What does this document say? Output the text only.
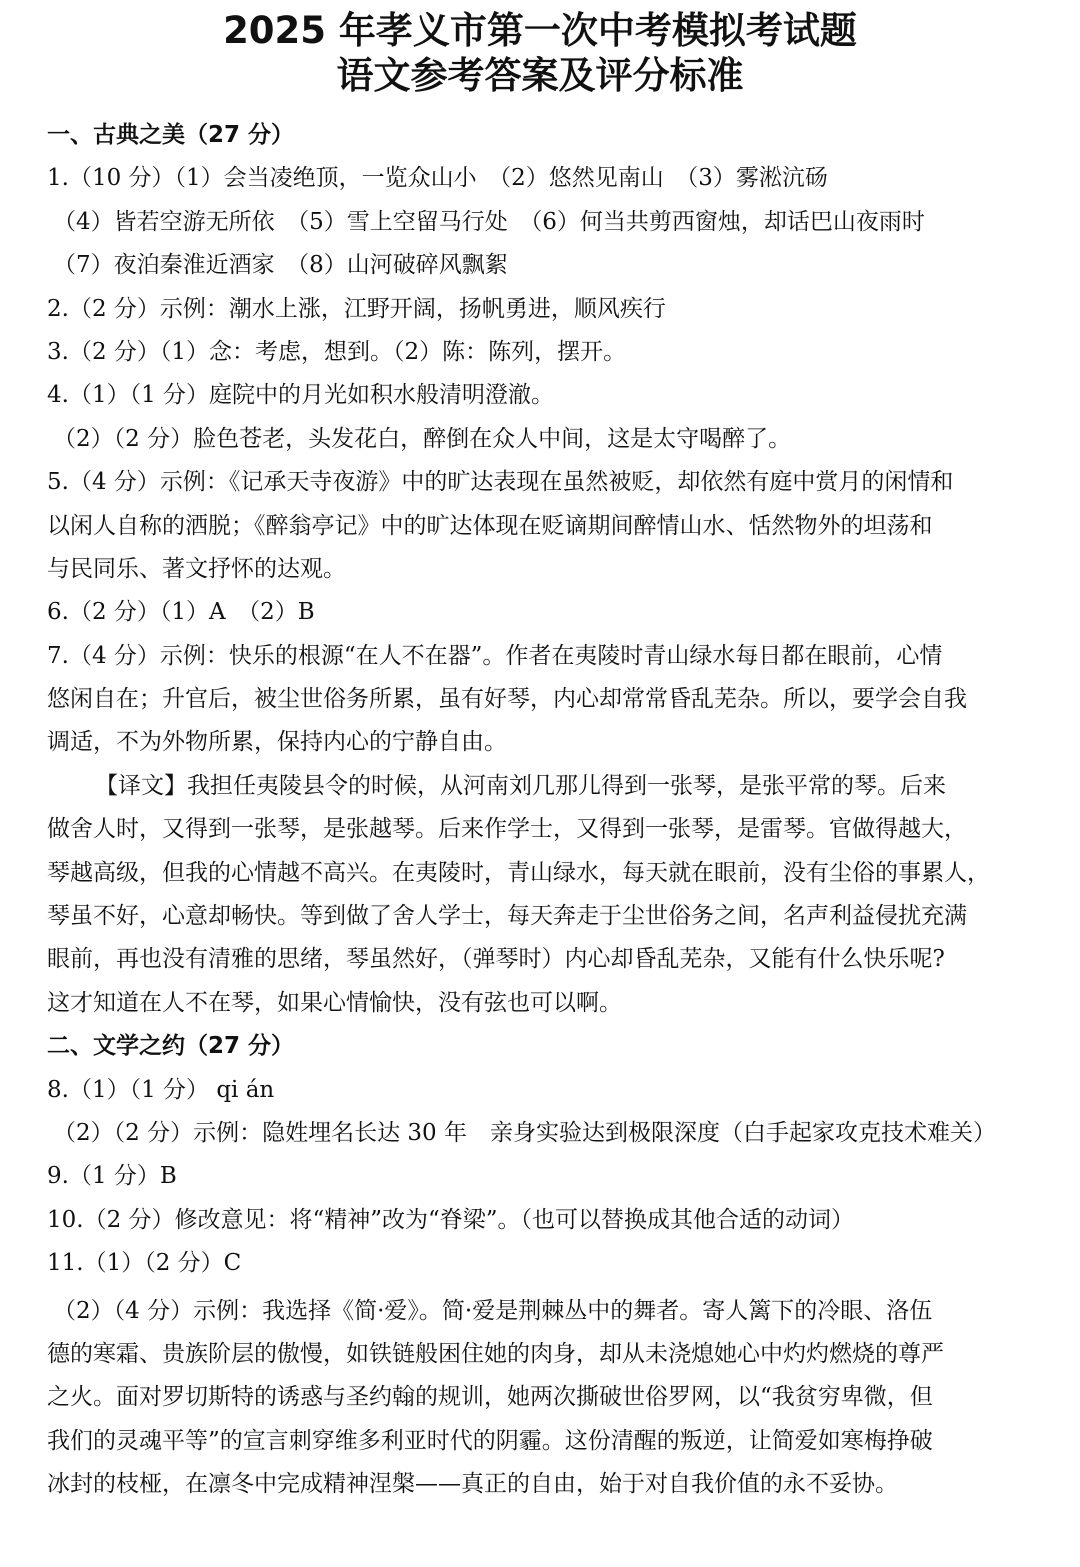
2025 年孝义市第一次中考模拟考试题
语文参考答案及评分标准
一、古典之美（27 分）
1.（10 分）（1）会当凌绝顶，一览众山小　（2）悠然见南山　（3）雾淞沆砀
（4）皆若空游无所依　（5）雪上空留马行处　（6）何当共剪西窗烛，却话巴山夜雨时
（7）夜泊秦淮近酒家　（8）山河破碎风飘絮
2.（2 分）示例：潮水上涨，江野开阔，扬帆勇进，顺风疾行
3.（2 分）（1）念：考虑，想到。（2）陈：陈列，摆开。
4.（1）（1 分）庭院中的月光如积水般清明澄澈。
（2）（2 分）脸色苍老，头发花白，醉倒在众人中间，这是太守喝醉了。
5.（4 分）示例：《记承天寺夜游》中的旷达表现在虽然被贬，却依然有庭中赏月的闲情和
以闲人自称的洒脱；《醉翁亭记》中的旷达体现在贬谪期间醉情山水、恬然物外的坦荡和
与民同乐、著文抒怀的达观。
6.（2 分）（1）A　（2）B
7.（4 分）示例：快乐的根源“在人不在器”。作者在夷陵时青山绿水每日都在眼前，心情
悠闲自在；升官后，被尘世俗务所累，虽有好琴，内心却常常昏乱芜杂。所以，要学会自我
调适，不为外物所累，保持内心的宁静自由。
【译文】我担任夷陵县令的时候，从河南刘几那儿得到一张琴，是张平常的琴。后来
做舍人时，又得到一张琴，是张越琴。后来作学士，又得到一张琴，是雷琴。官做得越大，
琴越高级，但我的心情越不高兴。在夷陵时，青山绿水，每天就在眼前，没有尘俗的事累人，
琴虽不好，心意却畅快。等到做了舍人学士，每天奔走于尘世俗务之间，名声利益侵扰充满
眼前，再也没有清雅的思绪，琴虽然好，（弹琴时）内心却昏乱芜杂，又能有什么快乐呢?
这才知道在人不在琴，如果心情愉快，没有弦也可以啊。
二、文学之约（27 分）
8.（1）（1 分） qi án
（2）（2 分）示例：隐姓埋名长达 30 年　亲身实验达到极限深度（白手起家攻克技术难关）
9.（1 分）B
10.（2 分）修改意见：将“精神”改为“脊梁”。（也可以替换成其他合适的动词）
11.（1）（2 分）C
（2）（4 分）示例：我选择《简·爱》。简·爱是荆棘丛中的舞者。寄人篱下的冷眼、洛伍
德的寒霜、贵族阶层的傲慢，如铁链般困住她的肉身，却从未浇熄她心中灼灼燃烧的尊严
之火。面对罗切斯特的诱惑与圣约翰的规训，她两次撕破世俗罗网，以“我贫穷卑微，但
我们的灵魂平等”的宣言刺穿维多利亚时代的阴霾。这份清醒的叛逆，让简爱如寒梅挣破
冰封的枝桠，在凛冬中完成精神涅槃——真正的自由，始于对自我价值的永不妥协。
